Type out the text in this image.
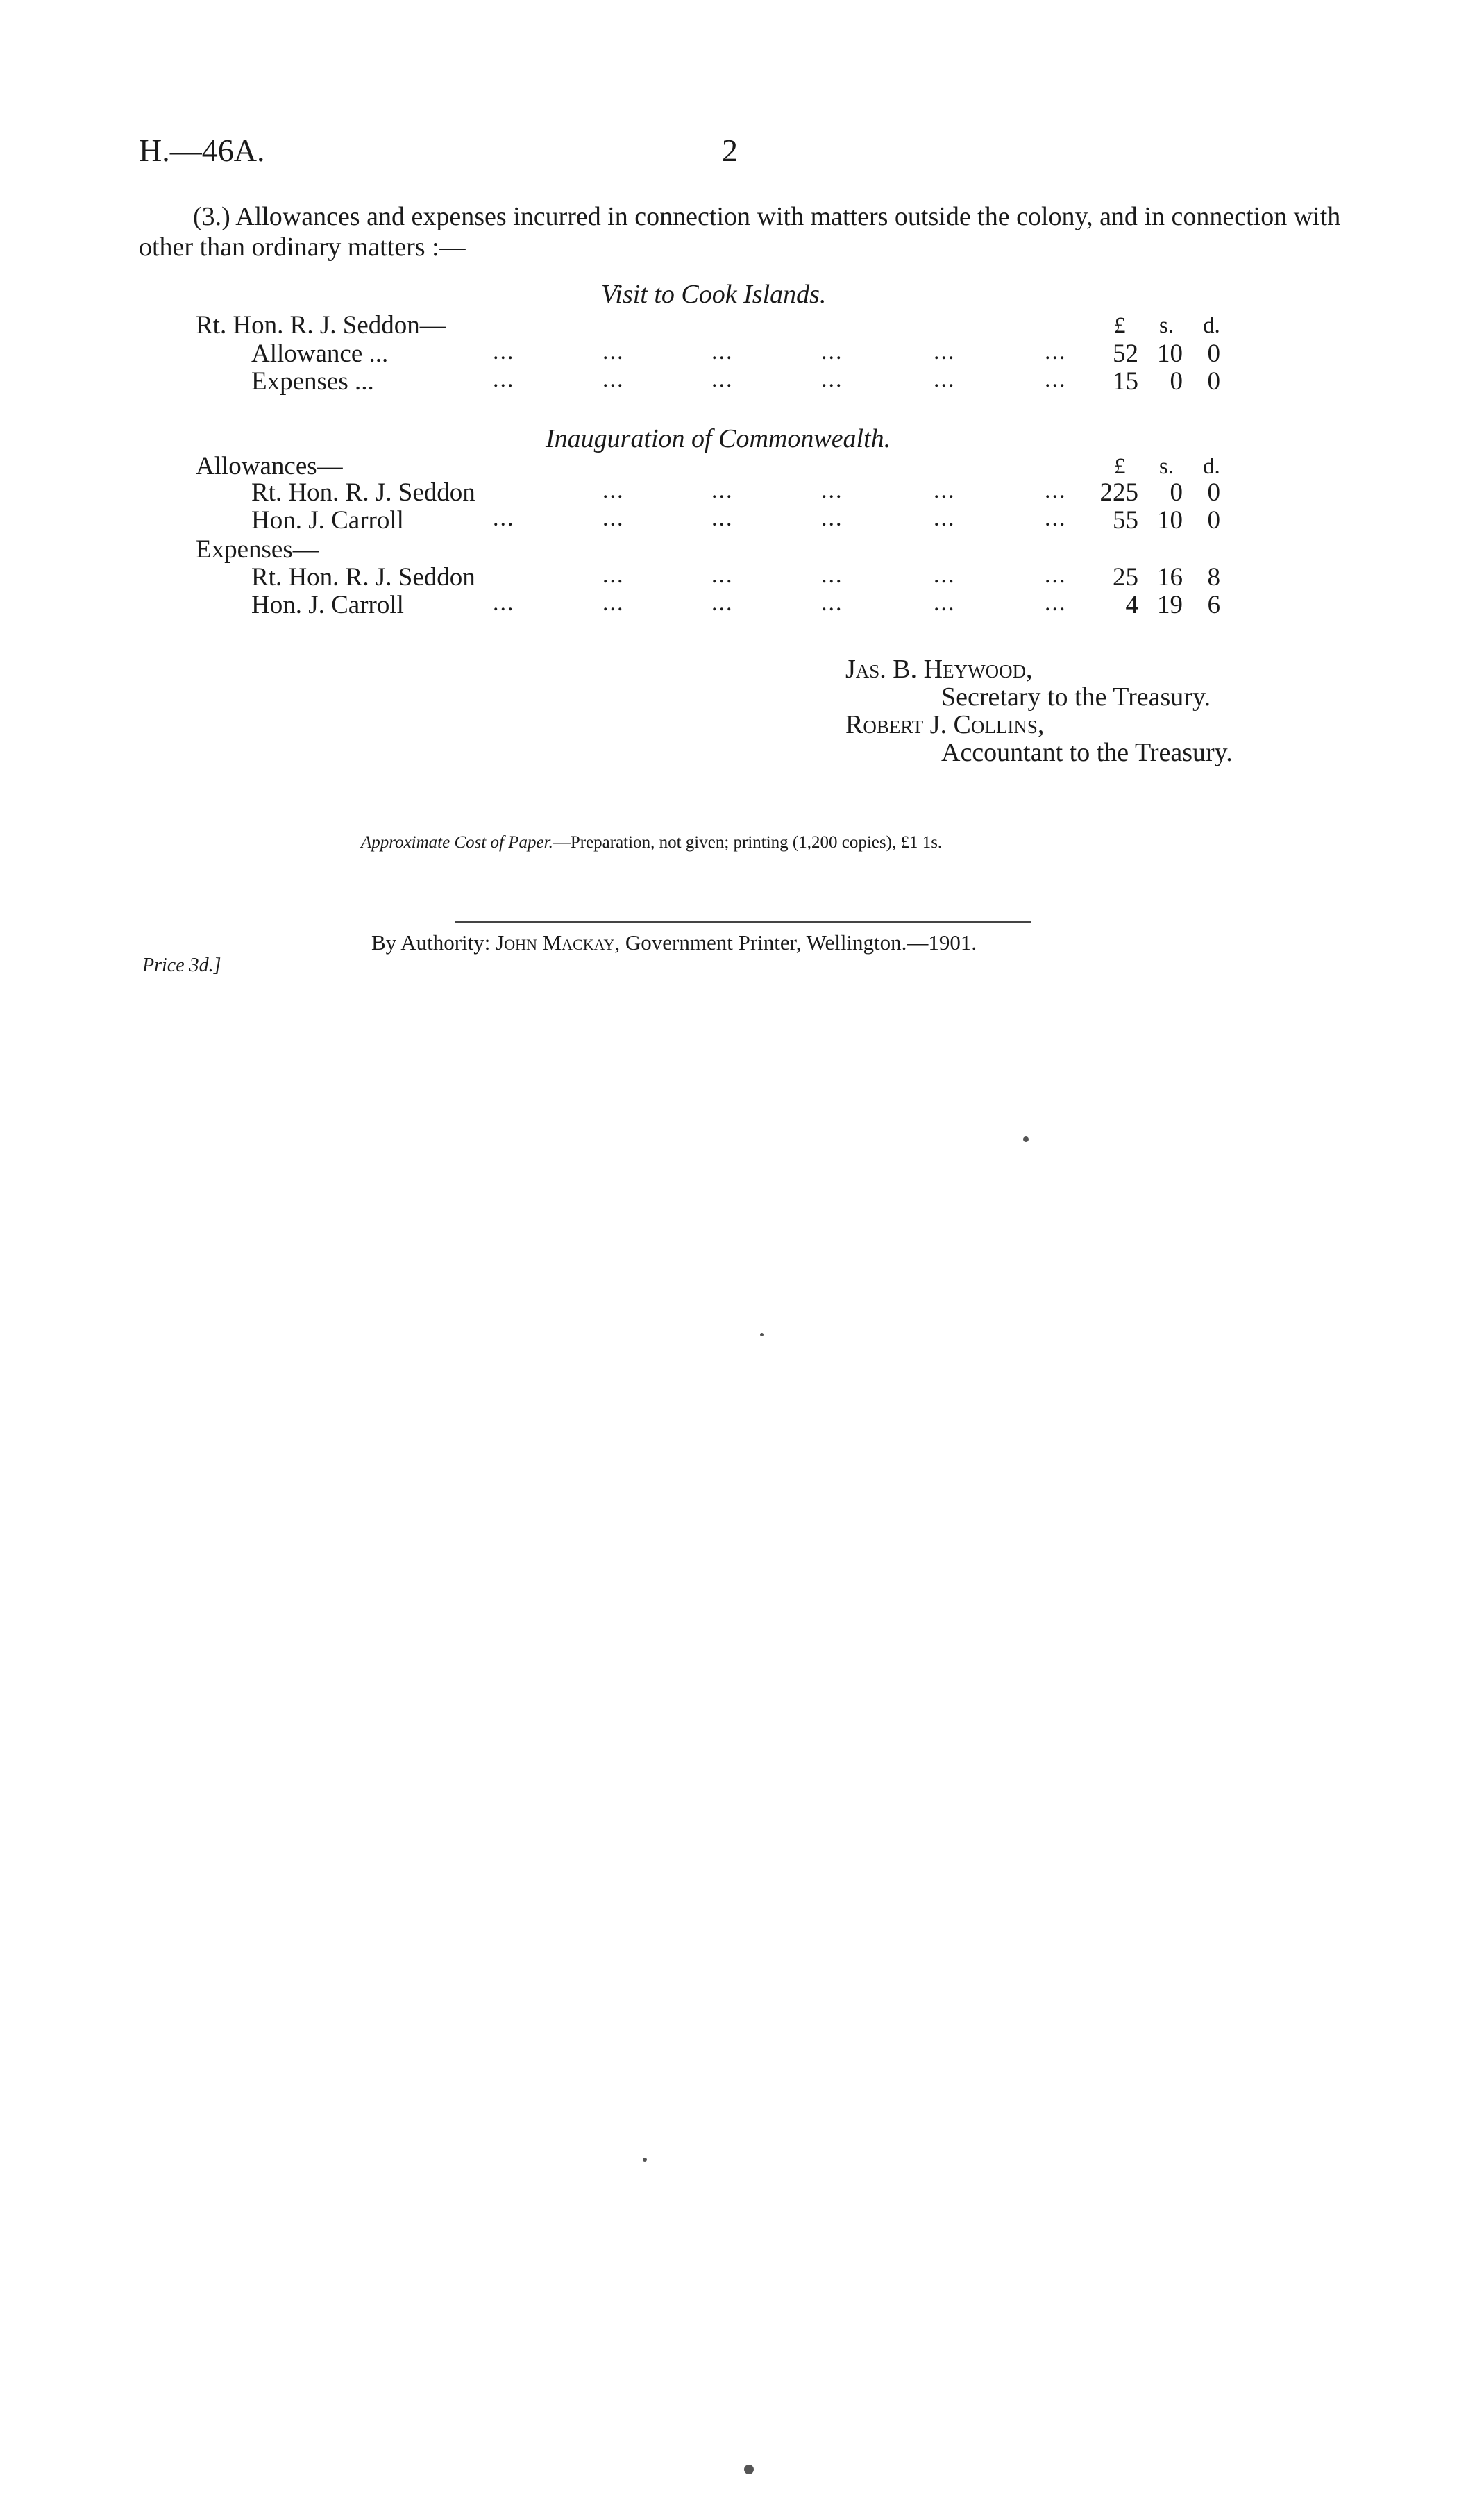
H.—46A.	2
(3.) Allowances and expenses incurred in connection with matters outside the colony, and in connection with other than ordinary matters :—
Visit to Cook Islands.
Rt. Hon. R. J. Seddon—	£ s. d.
Allowance ...	...	...	...	...	...	...	52 10 0
Expenses ...	...	...	...	...	...	...	15	0 0
Inauguration of Commonwealth.
Allowances—	£ s. d.
Rt. Hon. R. J. Seddon	...	...	...	...	...	225	0 0
Hon. J. Carroll	...	...	...	...	...	...	55 10 0
Expenses—
Rt. Hon. R. J. Seddon	...	...	...	...	...	25 16 8
Hon. J. Carroll	...	...	...	...	...	...	4 19 6
Jas. B. Heywood,
Secretary to the Treasury.
Robert J. Collins,
Accountant to the Treasury.
Approximate Cost of Paper.—Preparation, not given; printing (1,200 copies), £1 1s.
By Authority: John Mackay, Government Printer, Wellington.—1901.
Price 3d.]
